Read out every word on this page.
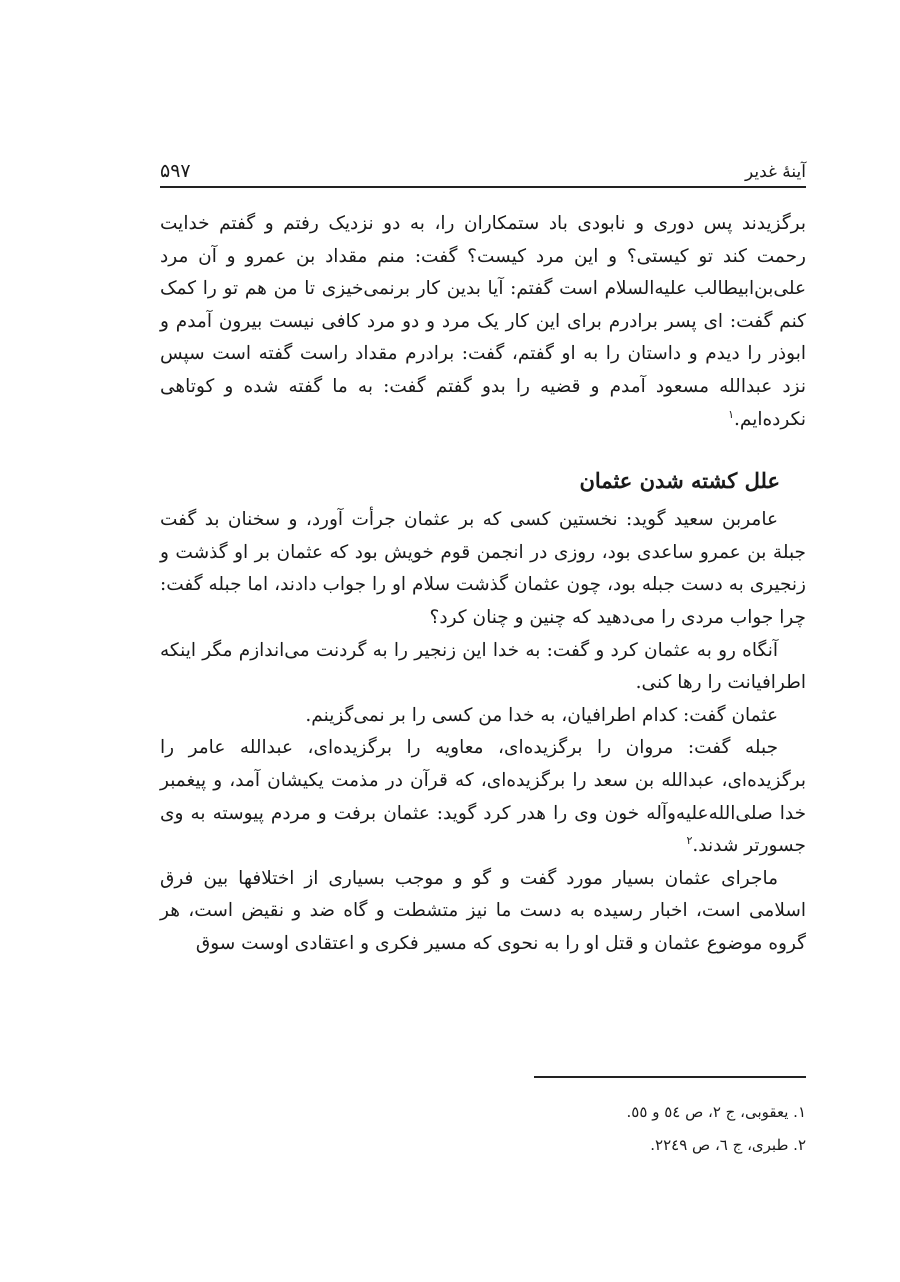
آینهٔ غدیر
۵۹۷

برگزیدند پس دوری و نابودی باد ستمکاران را، به دو نزدیک رفتم و گفتم خدایت رحمت کند تو کیستی؟ و این مرد کیست؟ گفت: منم مقداد بن عمرو و آن مرد علی‌بن‌ابیطالب علیه‌السلام است گفتم: آیا بدین کار برنمی‌خیزی تا من هم تو را کمک کنم گفت: ای پسر برادرم برای این کار یک مرد و دو مرد کافی نیست بیرون آمدم و ابوذر را دیدم و داستان را به او گفتم، گفت: برادرم مقداد راست گفته است سپس نزد عبدالله مسعود آمدم و قضیه را بدو گفتم گفت: به ما گفته شده و کوتاهی نکرده‌ایم.$^۱$

علل کشته شدن عثمان

عامربن سعید گوید: نخستین کسی که بر عثمان جرأت آورد، و سخنان بد گفت جبلة بن عمرو ساعدی بود، روزی در انجمن قوم خویش بود که عثمان بر او گذشت و زنجیری به دست جبله بود، چون عثمان گذشت سلام او را جواب دادند، اما جبله گفت: چرا جواب مردی را می‌دهید که چنین و چنان کرد؟

آنگاه رو به عثمان کرد و گفت: به خدا این زنجیر را به گردنت می‌اندازم مگر اینکه اطرافیانت را رها کنی.

عثمان گفت: کدام اطرافیان، به خدا من کسی را بر نمی‌گزینم.

جبله گفت: مروان را برگزیده‌ای، معاویه را برگزیده‌ای، عبدالله عامر را برگزیده‌ای، عبدالله بن سعد را برگزیده‌ای، که قرآن در مذمت یکیشان آمد، و پیغمبر خدا صلی‌الله‌علیه‌وآله خون وی را هدر کرد گوید: عثمان برفت و مردم پیوسته به وی جسورتر شدند.$^۲$

ماجرای عثمان بسیار مورد گفت و گو و موجب بسیاری از اختلافها بین فرق اسلامی است، اخبار رسیده به دست ما نیز متشطت و گاه ضد و نقیض است، هر گروه موضوع عثمان و قتل او را به نحوی که مسیر فکری و اعتقادی اوست سوق

۱. یعقوبی، ج ۲، ص ٥٤ و ٥٥.

۲. طبری، ج ٦، ص ۲۲٤۹.
